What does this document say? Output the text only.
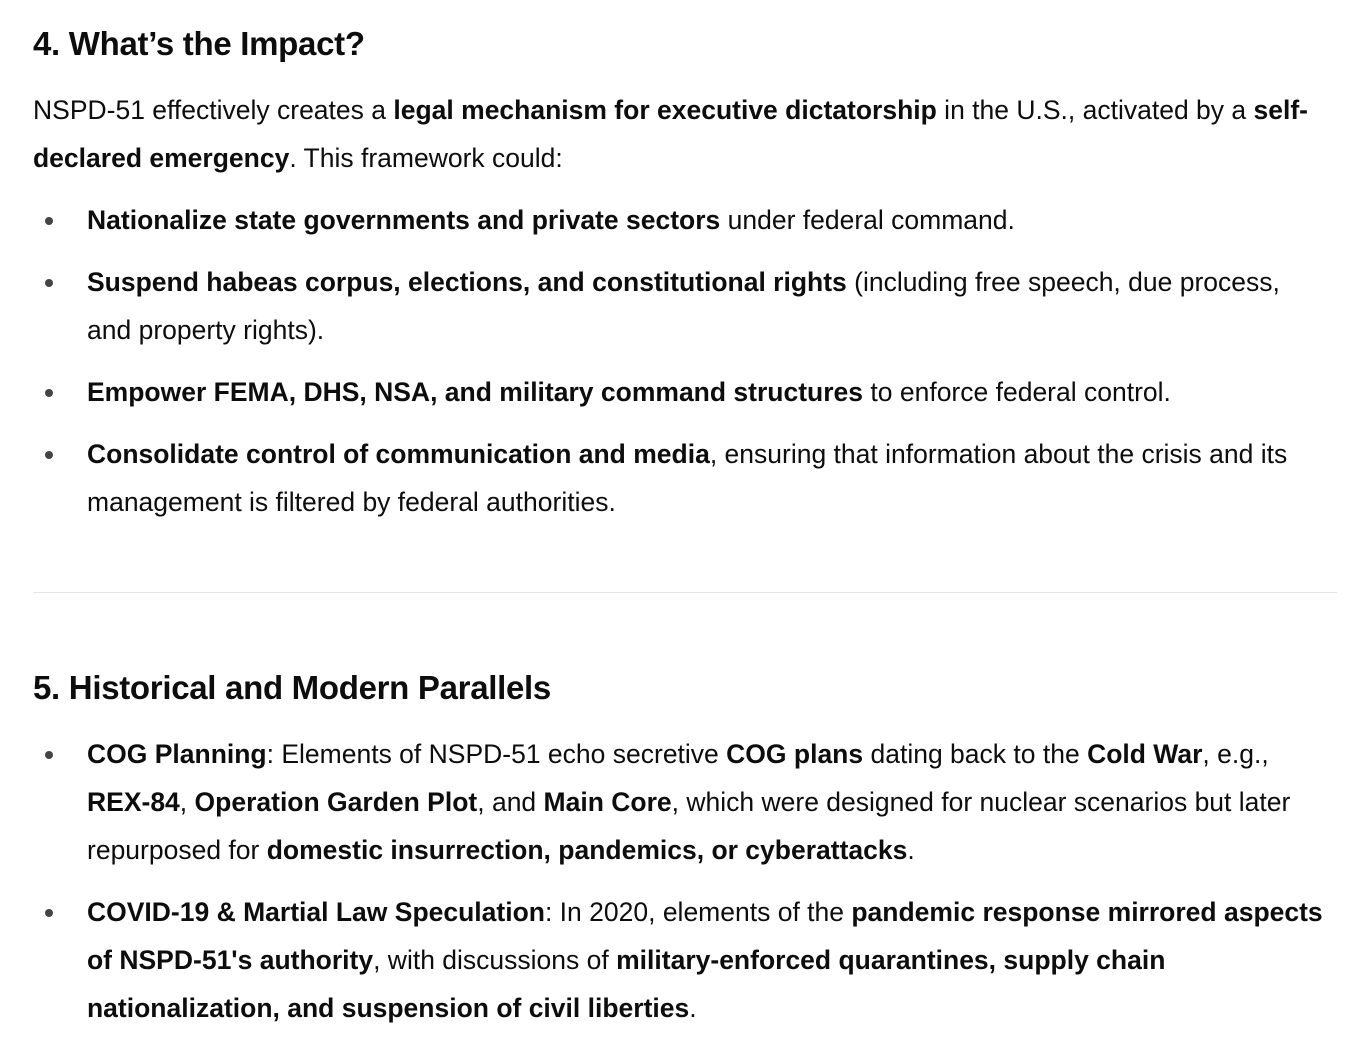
4. What’s the Impact?

NSPD-51 effectively creates a legal mechanism for executive dictatorship in the U.S., activated by a self-declared emergency. This framework could:

Nationalize state governments and private sectors under federal command.
Suspend habeas corpus, elections, and constitutional rights (including free speech, due process, and property rights).
Empower FEMA, DHS, NSA, and military command structures to enforce federal control.
Consolidate control of communication and media, ensuring that information about the crisis and its management is filtered by federal authorities.
5. Historical and Modern Parallels
COG Planning: Elements of NSPD-51 echo secretive COG plans dating back to the Cold War, e.g., REX-84, Operation Garden Plot, and Main Core, which were designed for nuclear scenarios but later repurposed for domestic insurrection, pandemics, or cyberattacks.
COVID-19 & Martial Law Speculation: In 2020, elements of the pandemic response mirrored aspects of NSPD-51's authority, with discussions of military-enforced quarantines, supply chain nationalization, and suspension of civil liberties.
